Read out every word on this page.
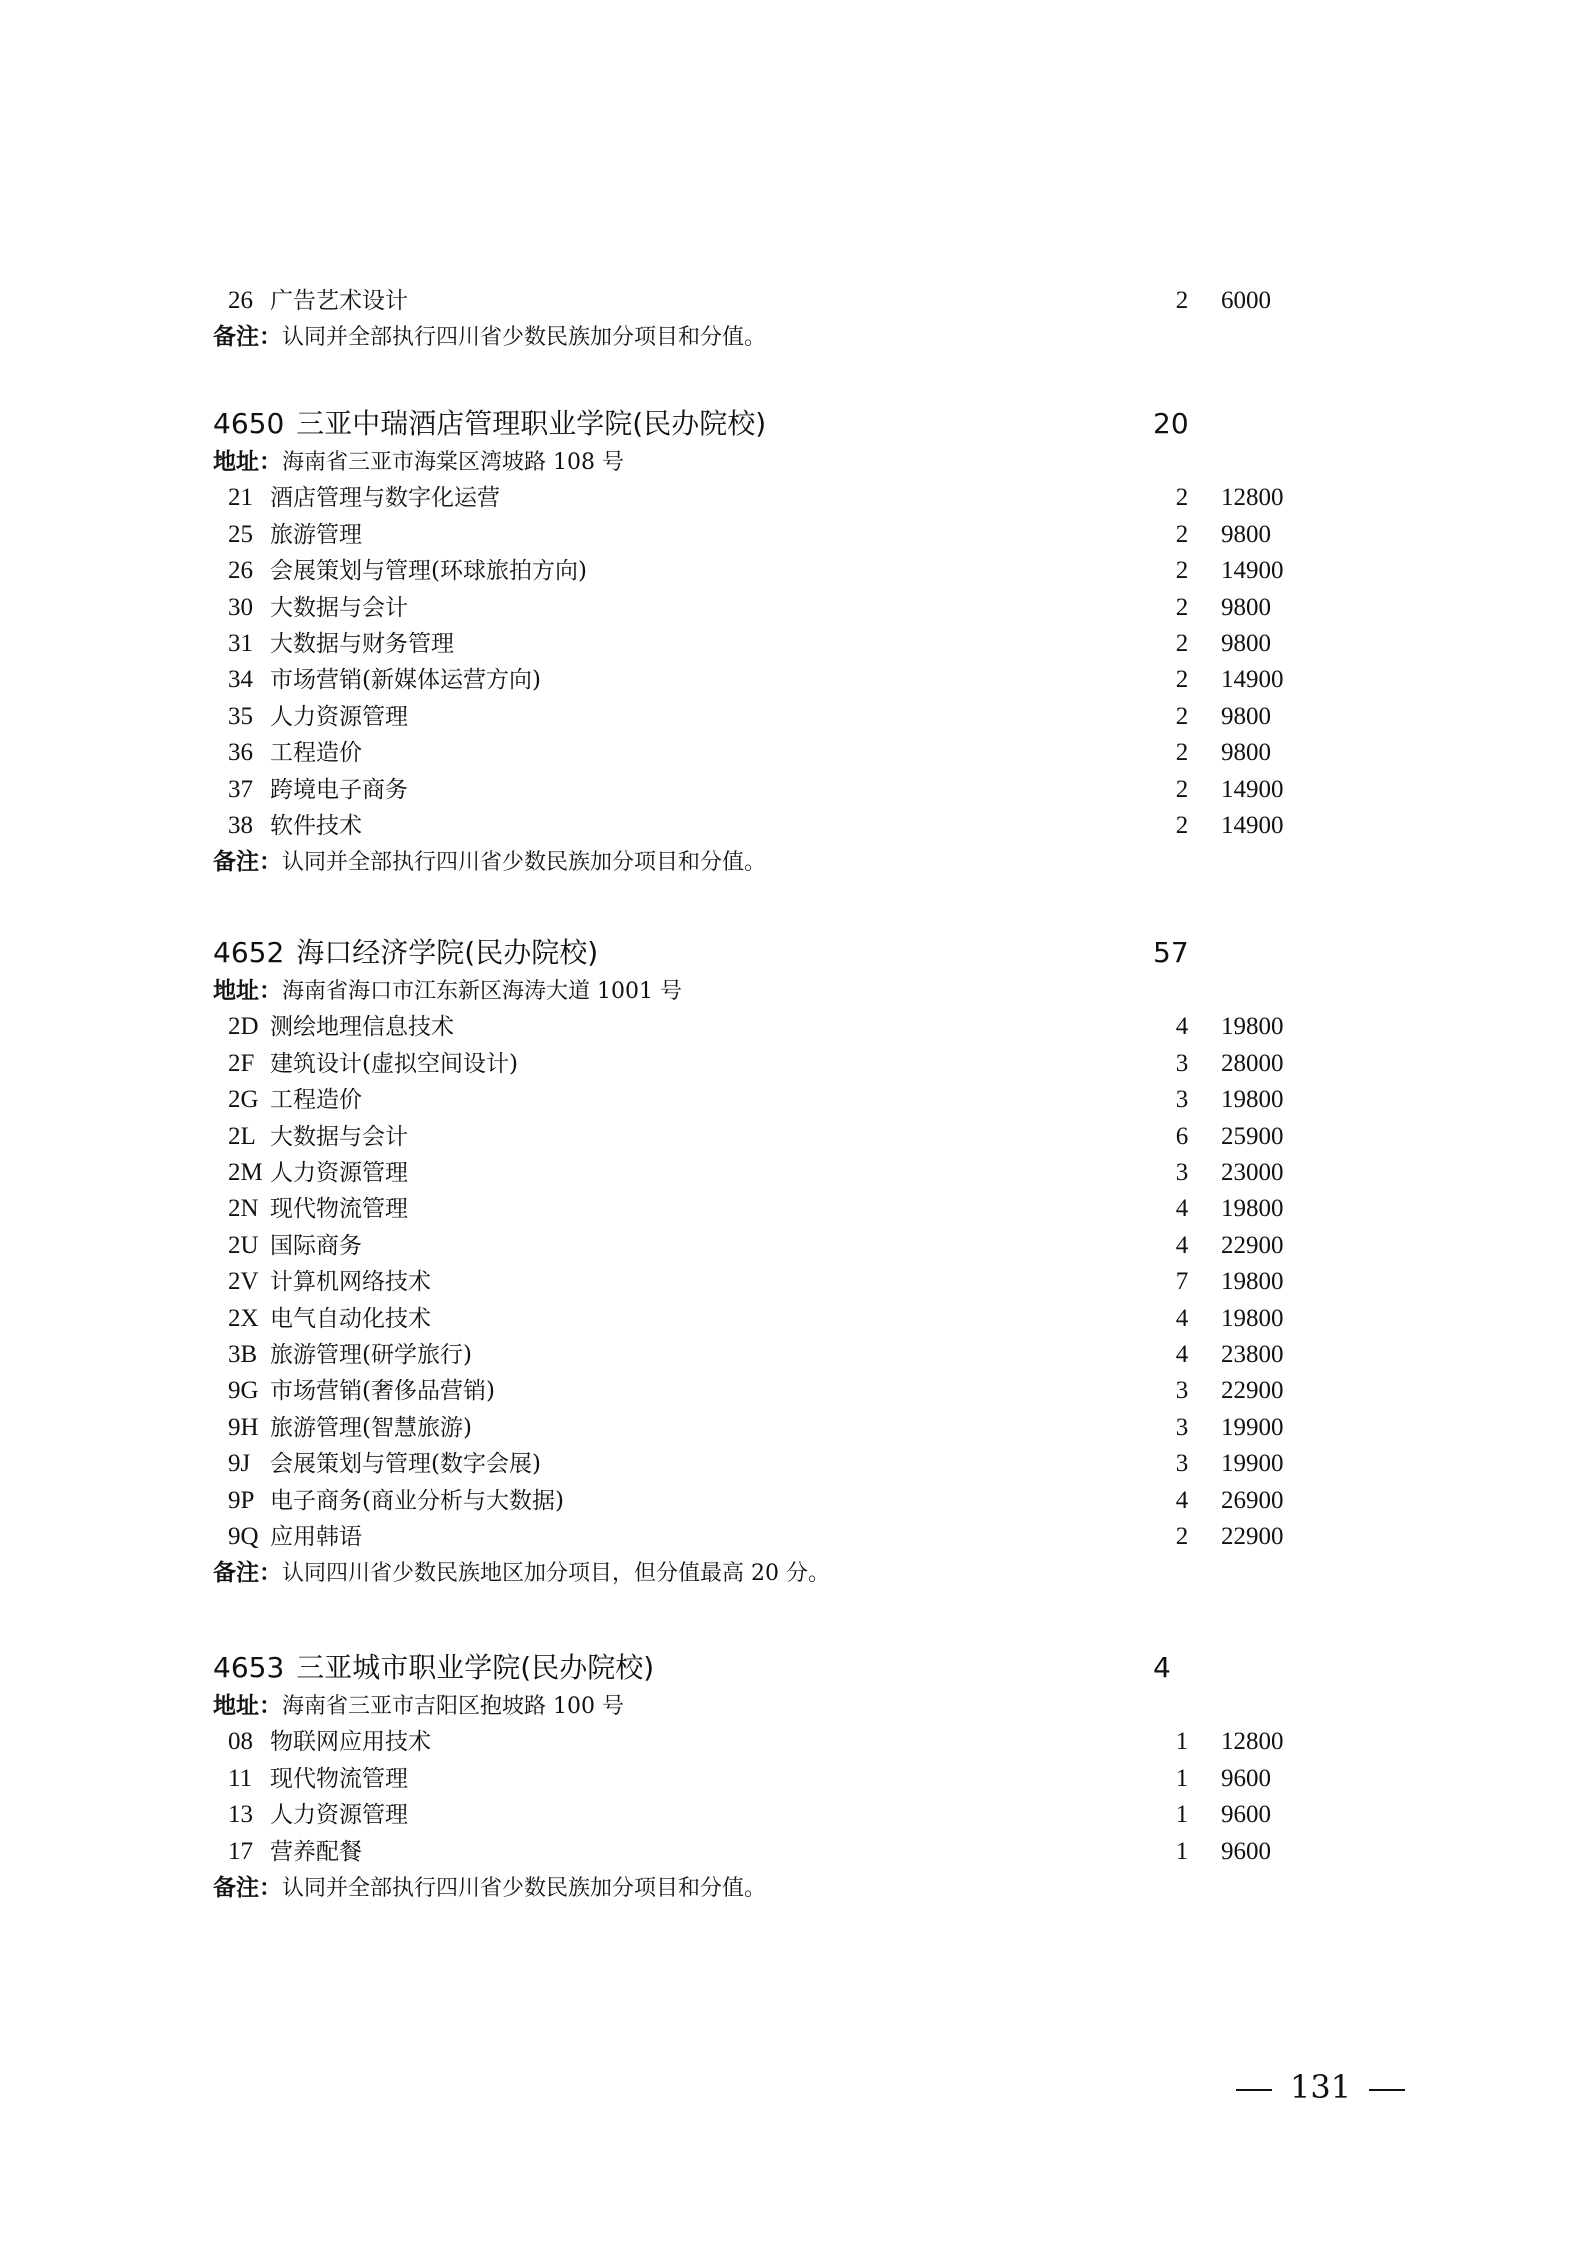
26 广告艺术设计	2 6000
备注：认同并全部执行四川省少数民族加分项目和分值。
4650 三亚中瑞酒店管理职业学院(民办院校)	20
地址：海南省三亚市海棠区湾坡路 108 号
21 酒店管理与数字化运营	2 12800
25 旅游管理	2 9800
26 会展策划与管理(环球旅拍方向)	2 14900
30 大数据与会计	2 9800
31 大数据与财务管理	2 9800
34 市场营销(新媒体运营方向)	2 14900
35 人力资源管理	2 9800
36 工程造价	2 9800
37 跨境电子商务	2 14900
38 软件技术	2 14900
备注：认同并全部执行四川省少数民族加分项目和分值。
4652 海口经济学院(民办院校)	57
地址：海南省海口市江东新区海涛大道 1001 号
2D 测绘地理信息技术	4 19800
2F 建筑设计(虚拟空间设计)	3 28000
2G 工程造价	3 19800
2L 大数据与会计	6 25900
2M 人力资源管理	3 23000
2N 现代物流管理	4 19800
2U 国际商务	4 22900
2V 计算机网络技术	7 19800
2X 电气自动化技术	4 19800
3B 旅游管理(研学旅行)	4 23800
9G 市场营销(奢侈品营销)	3 22900
9H 旅游管理(智慧旅游)	3 19900
9J 会展策划与管理(数字会展)	3 19900
9P 电子商务(商业分析与大数据)	4 26900
9Q 应用韩语	2 22900
备注：认同四川省少数民族地区加分项目，但分值最高 20 分。
4653 三亚城市职业学院(民办院校)	4
地址：海南省三亚市吉阳区抱坡路 100 号
08 物联网应用技术	1 12800
11 现代物流管理	1 9600
13 人力资源管理	1 9600
17 营养配餐	1 9600
备注：认同并全部执行四川省少数民族加分项目和分值。
131
